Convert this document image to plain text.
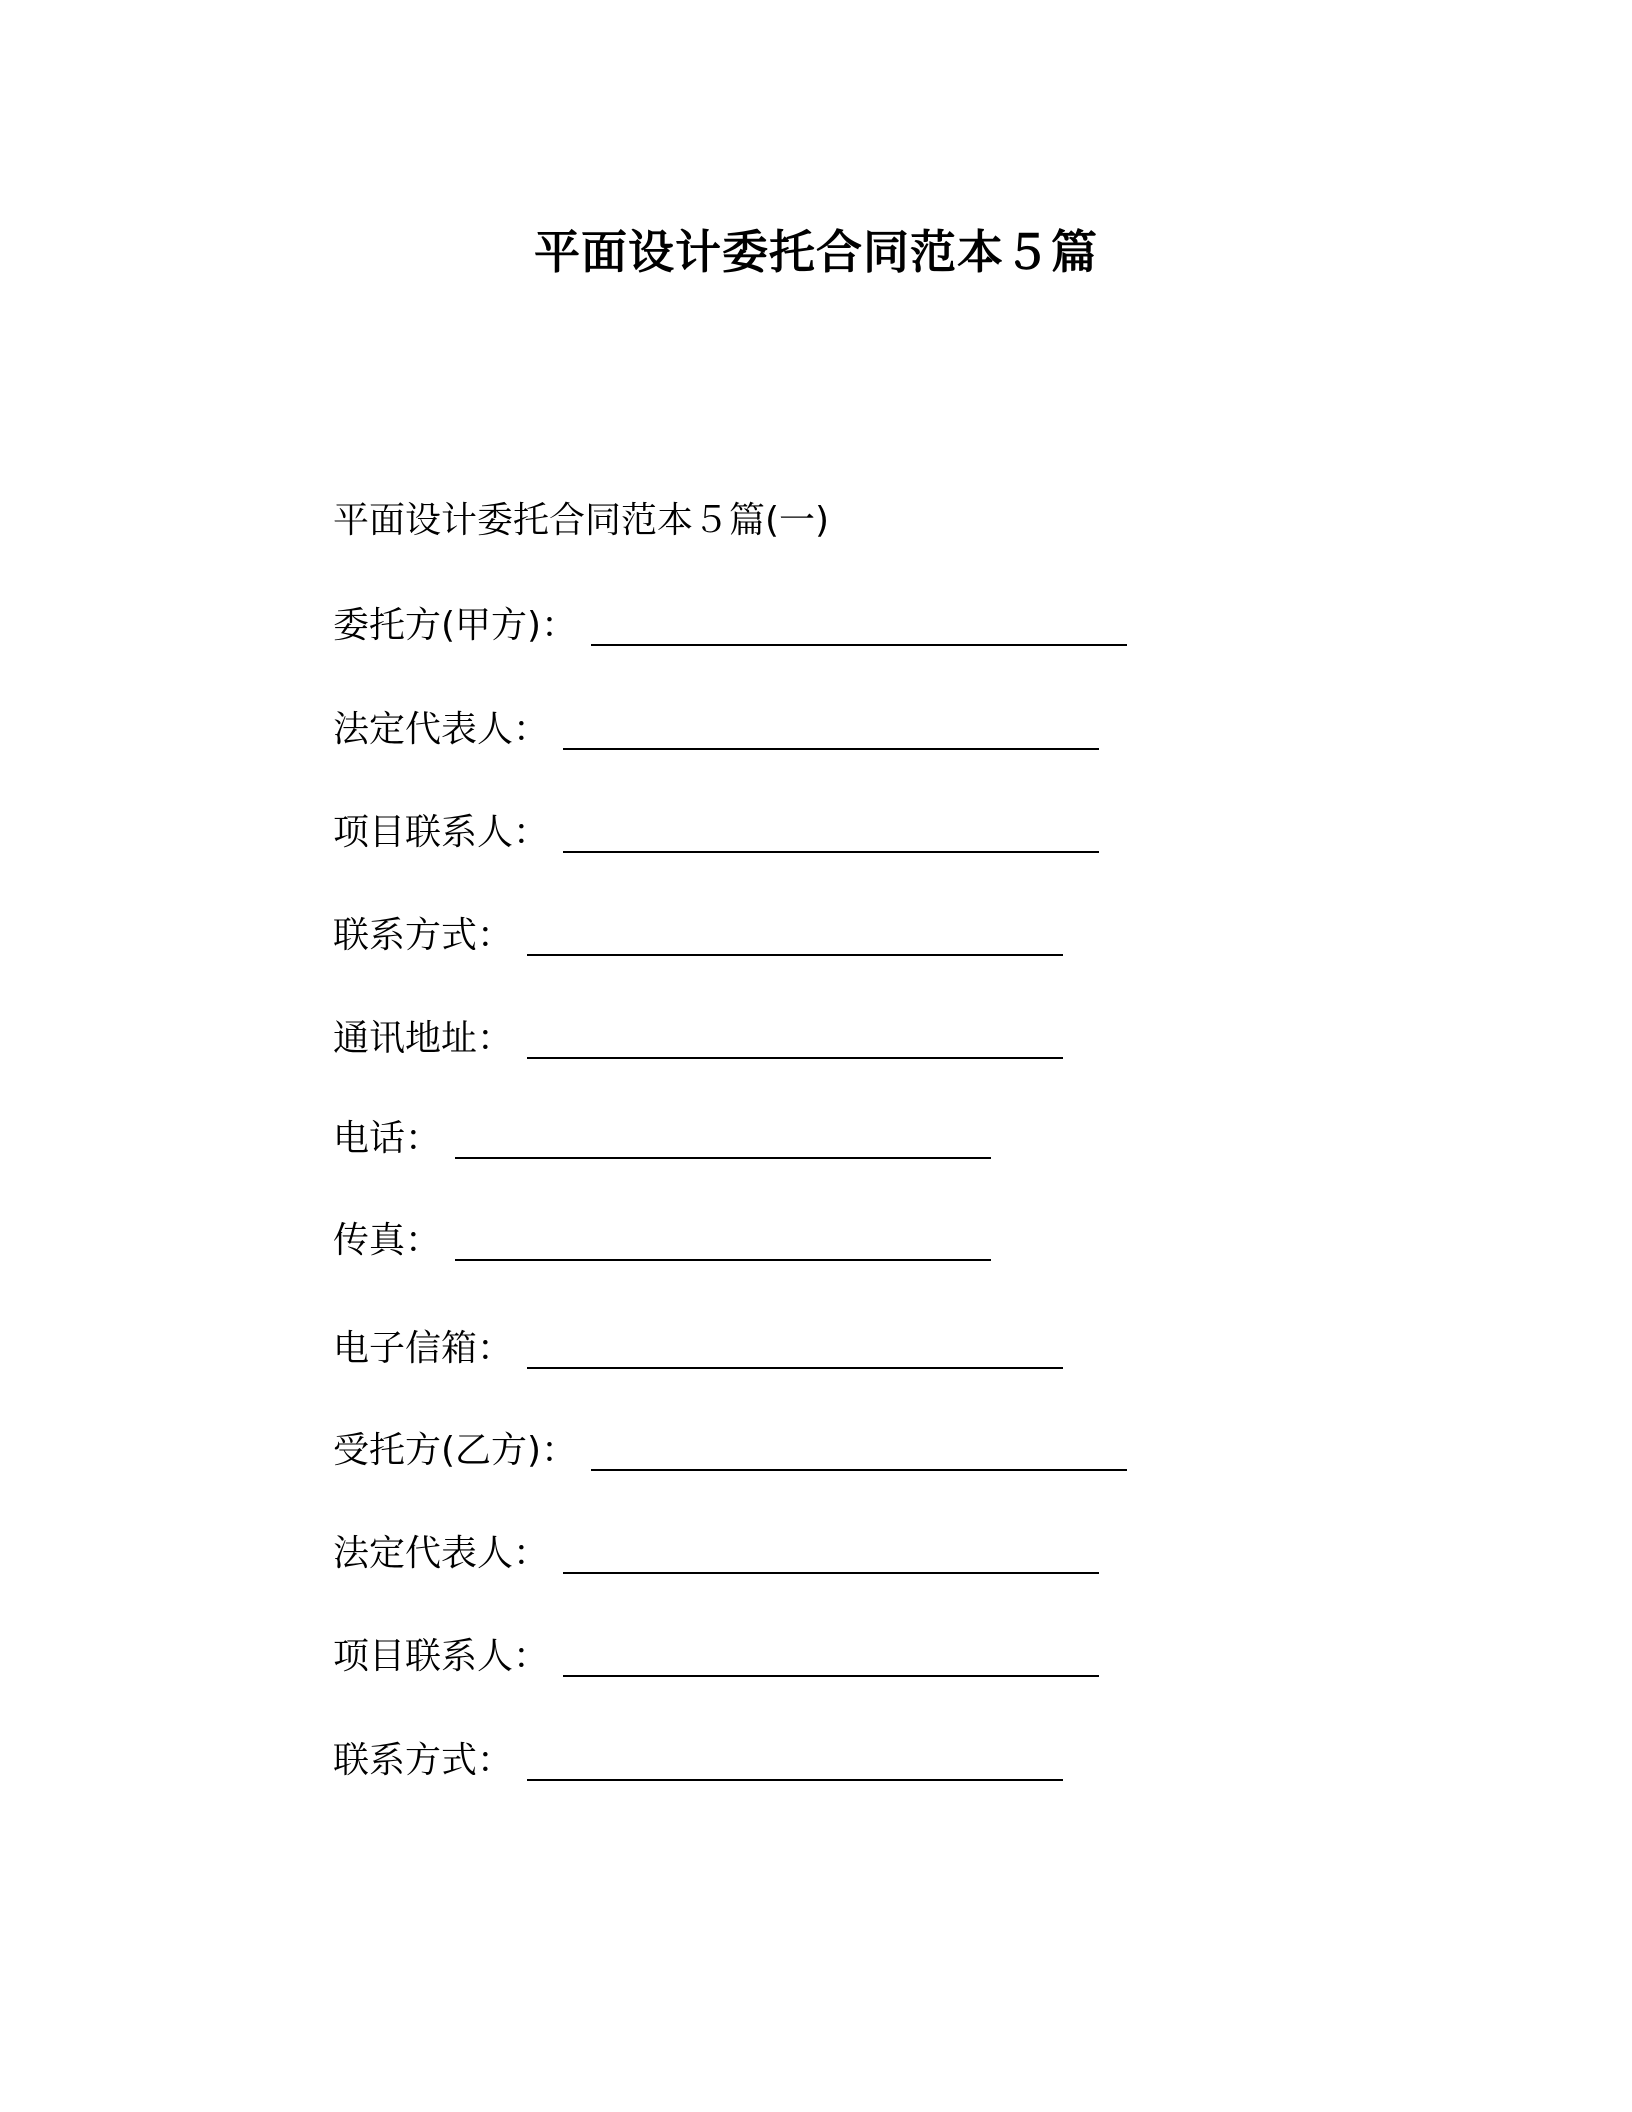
平面设计委托合同范本５篇
平面设计委托合同范本５篇(一)
委托方(甲方)：
法定代表人：
项目联系人：
联系方式：
通讯地址：
电话：
传真：
电子信箱：
受托方(乙方)：
法定代表人：
项目联系人：
联系方式：
